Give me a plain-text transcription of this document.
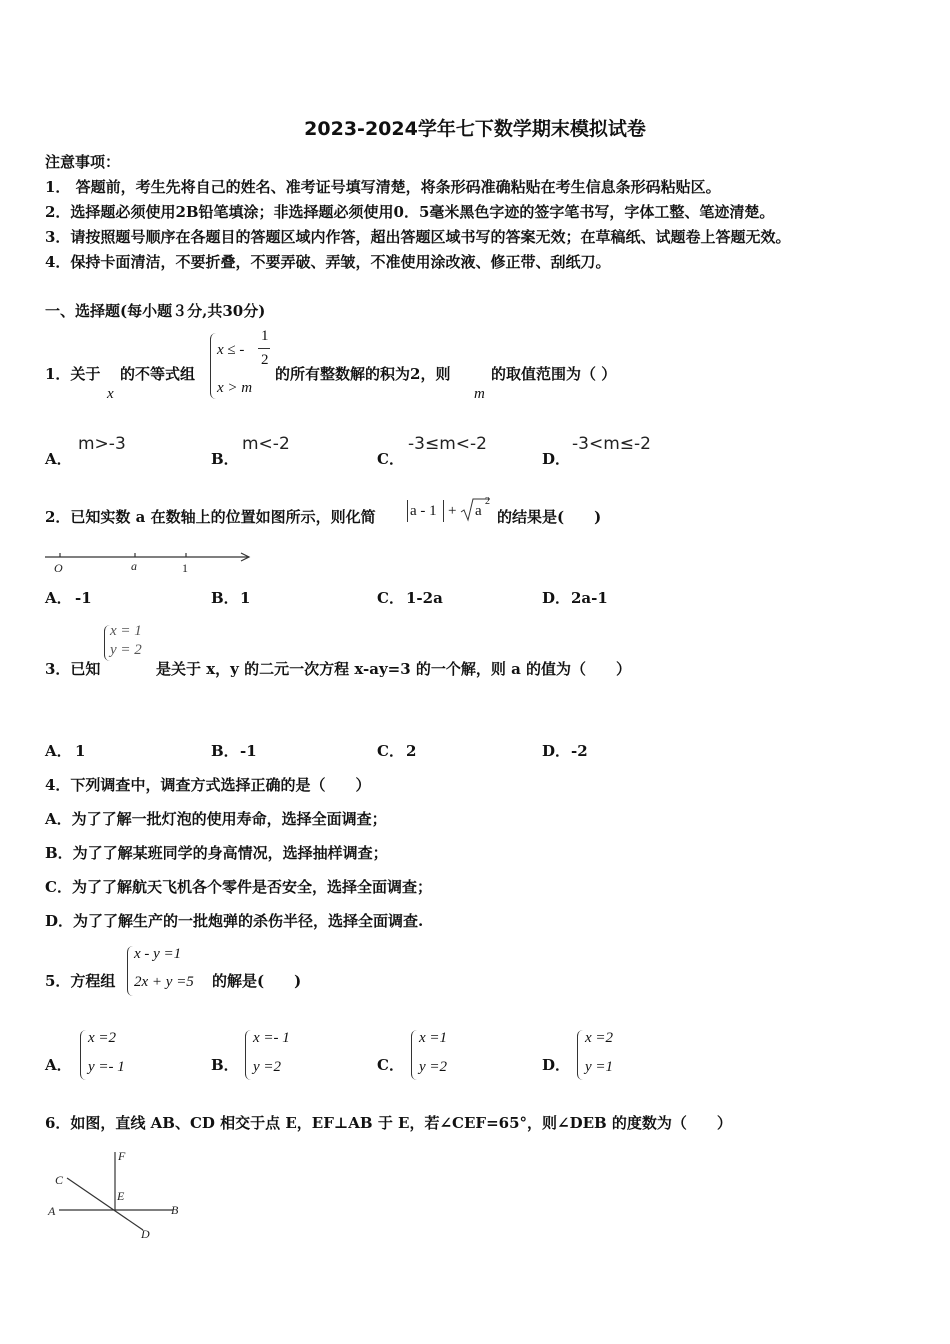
2023-2024学年七下数学期末模拟试卷
注意事项：
1． 答题前，考生先将自己的姓名、准考证号填写清楚，将条形码准确粘贴在考生信息条形码粘贴区。
2．选择题必须使用2B铅笔填涂；非选择题必须使用0．5毫米黑色字迹的签字笔书写，字体工整、笔迹清楚。
3．请按照题号顺序在各题目的答题区域内作答，超出答题区域书写的答案无效；在草稿纸、试题卷上答题无效。
4．保持卡面清洁，不要折叠，不要弄破、弄皱，不准使用涂改液、修正带、刮纸刀。
一、选择题(每小题３分,共30分)
1．关于
x
的不等式组
x ≤ -
1
2
x > m
的所有整数解的积为2，则
m
的取值范围为（ ）
A．
m>-3
B．
m<-2
C．
-3≤m<-2
D．
-3<m≤-2
2．已知实数 a 在数轴上的位置如图所示，则化简 a - 1 + a
2
的结果是(　　)
O	a	1
A． -1	B． 1	C． 1-2a	D． 2a-1
x = 1
y = 2
3．已知	是关于 x，y 的二元一次方程 x-ay=3 的一个解，则 a 的值为（　　）
A． 1	B． -1	C． 2	D． -2
4．下列调查中，调查方式选择正确的是（　　）
A．为了了解一批灯泡的使用寿命，选择全面调查；
B．为了了解某班同学的身高情况，选择抽样调查；
C．为了了解航天飞机各个零件是否安全，选择全面调查；
D．为了了解生产的一批炮弹的杀伤半径，选择全面调查.
5．方程组
x - y =1
2x + y =5 的解是(　　)
A．
x =2
y =- 1	B．
x =- 1
y =2	C．
x =1
y =2	D．
x =2
y =1
6．如图，直线 AB、CD 相交于点 E，EF⊥AB 于 E，若∠CEF=65°，则∠DEB 的度数为（　　）
A	B
C
D
E
F
